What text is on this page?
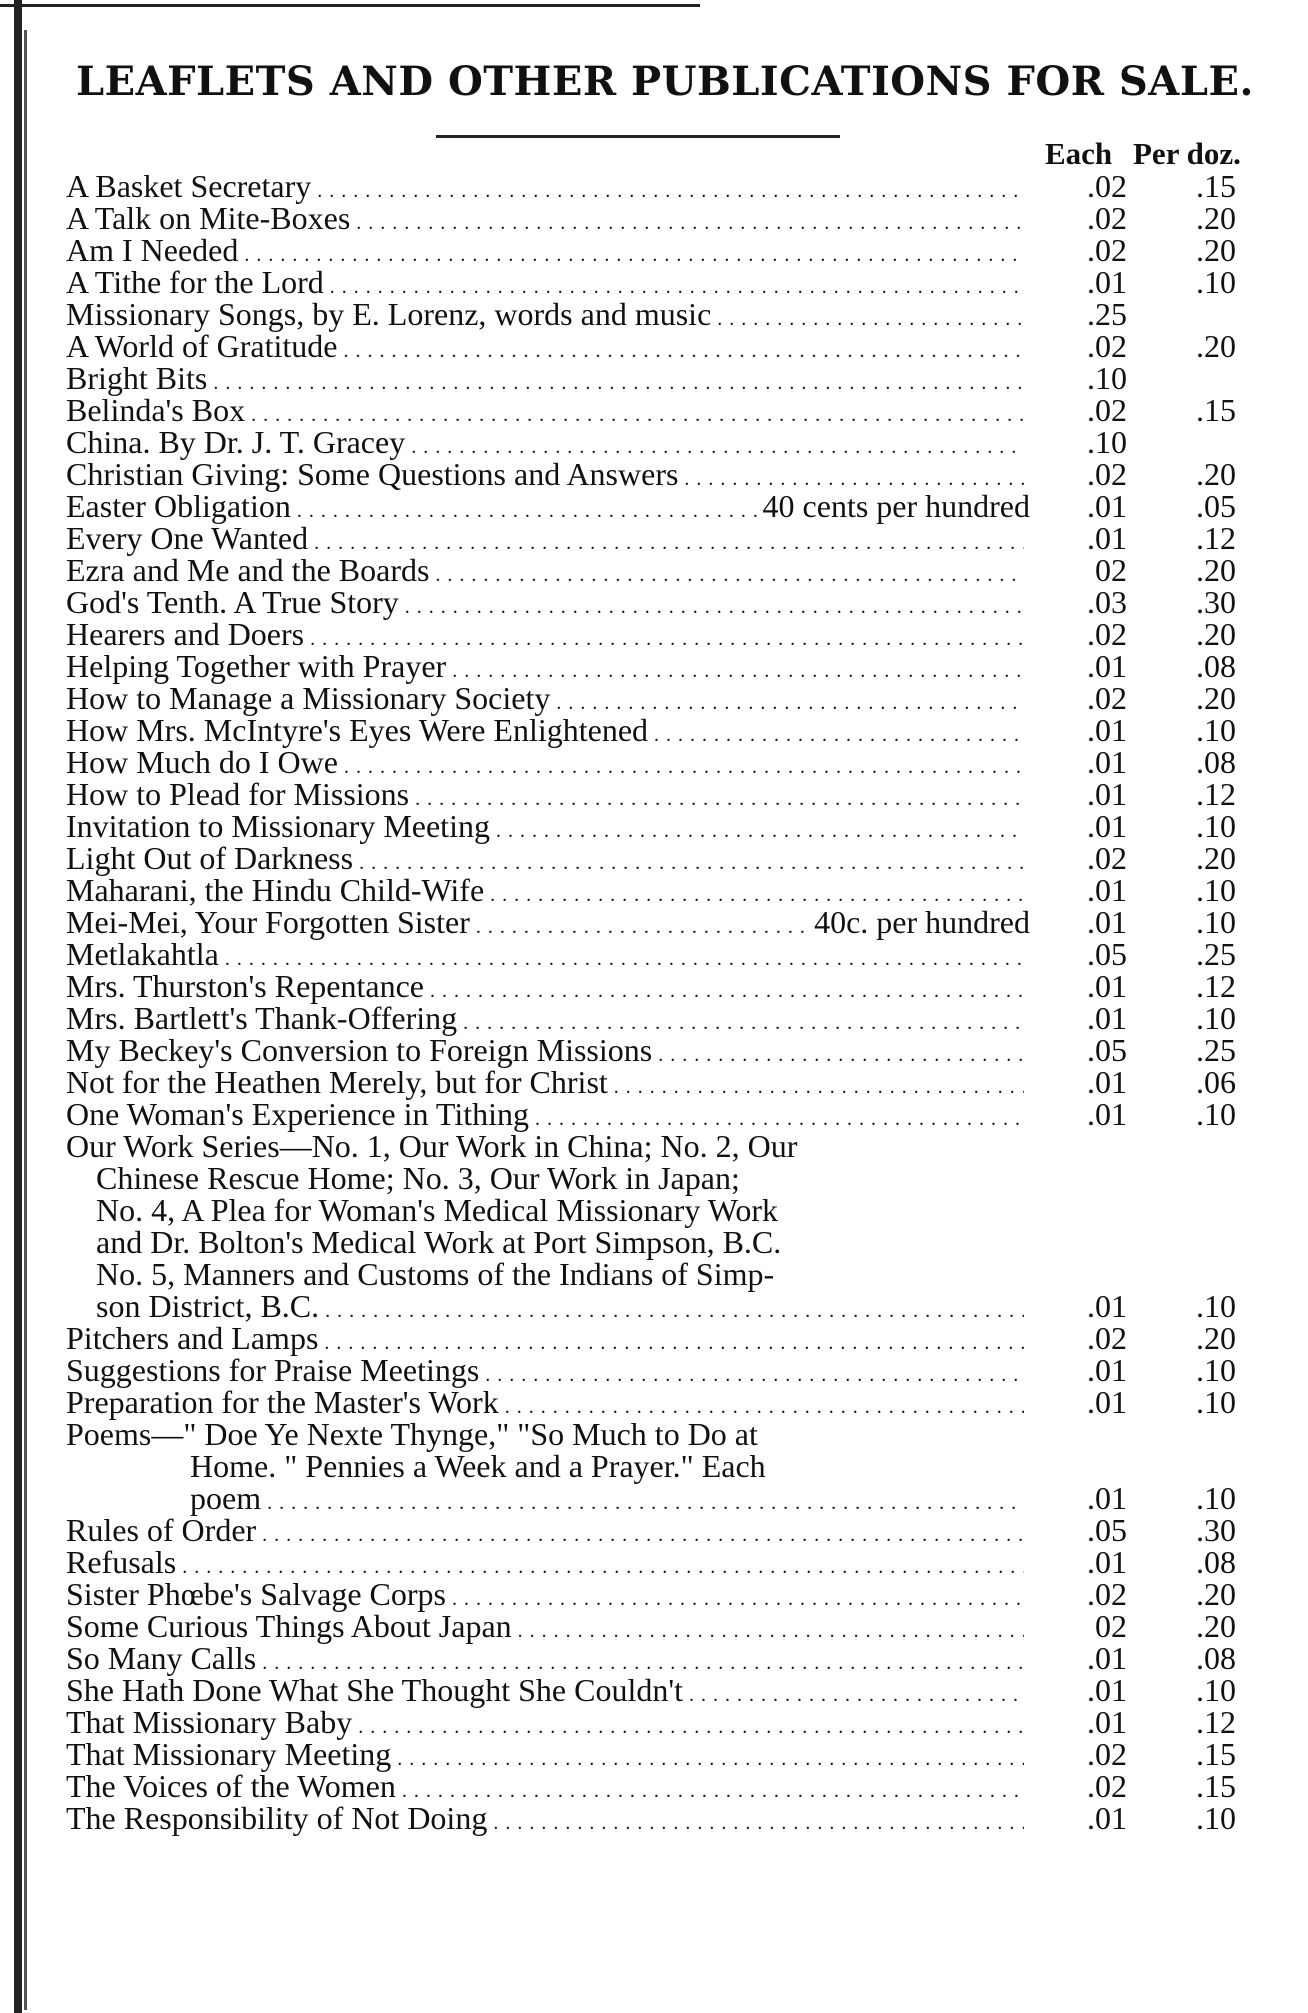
LEAFLETS AND OTHER PUBLICATIONS FOR SALE.
Each Per doz.
A Basket Secretary . . .	.02	.15
A Talk on Mite-Boxes . . .	.02	.20
Am I Needed . . .	.02	.20
A Tithe for the Lord . . .	.01	.10
Missionary Songs, by E. Lorenz, words and music . . .	.25
A World of Gratitude . . .	.02	.20
Bright Bits . . .	.10
Belinda's Box . . .	.02	.15
China. By Dr. J. T. Gracey . . .	.10
Christian Giving: Some Questions and Answers . . .	.02	.20
Easter Obligation . . .	40 cents per hundred	.01	.05
Every One Wanted . . .	.01	.12
Ezra and Me and the Boards . . .	02	.20
God's Tenth. A True Story . . .	.03	.30
Hearers and Doers . . .	.02	.20
Helping Together with Prayer . . .	.01	.08
How to Manage a Missionary Society . . .	.02	.20
How Mrs. McIntyre's Eyes Were Enlightened . . .	.01	.10
How Much do I Owe . . .	.01	.08
How to Plead for Missions . . .	.01	.12
Invitation to Missionary Meeting . . .	.01	.10
Light Out of Darkness . . .	.02	.20
Maharani, the Hindu Child-Wife . . .	.01	.10
Mei-Mei, Your Forgotten Sister . . .	40c. per hundred	.01	.10
Metlakahtla . . .	.05	.25
Mrs. Thurston's Repentance . . .	.01	.12
Mrs. Bartlett's Thank-Offering . . .	.01	.10
My Beckey's Conversion to Foreign Missions . . .	.05	.25
Not for the Heathen Merely, but for Christ . . .	.01	.06
One Woman's Experience in Tithing . . .	.01	.10
Our Work Series—No. 1, Our Work in China; No. 2, Our
Chinese Rescue Home; No. 3, Our Work in Japan;
No. 4, A Plea for Woman's Medical Missionary Work
and Dr. Bolton's Medical Work at Port Simpson, B.C.
No. 5, Manners and Customs of the Indians of Simp-
son District, B.C. . . .	.01	.10
Pitchers and Lamps . . .	.02	.20
Suggestions for Praise Meetings . . .	.01	.10
Preparation for the Master's Work . . .	.01	.10
Poems—" Doe Ye Nexte Thynge," "So Much to Do at
Home. " Pennies a Week and a Prayer." Each
poem . . .	.01	.10
Rules of Order . . .	.05	.30
Refusals . . .	.01	.08
Sister Phœbe's Salvage Corps . . .	.02	.20
Some Curious Things About Japan . . .	02	.20
So Many Calls . . .	.01	.08
She Hath Done What She Thought She Couldn't . . .	.01	.10
That Missionary Baby . . .	.01	.12
That Missionary Meeting . . .	.02	.15
The Voices of the Women . . .	.02	.15
The Responsibility of Not Doing . . .	.01	.10
